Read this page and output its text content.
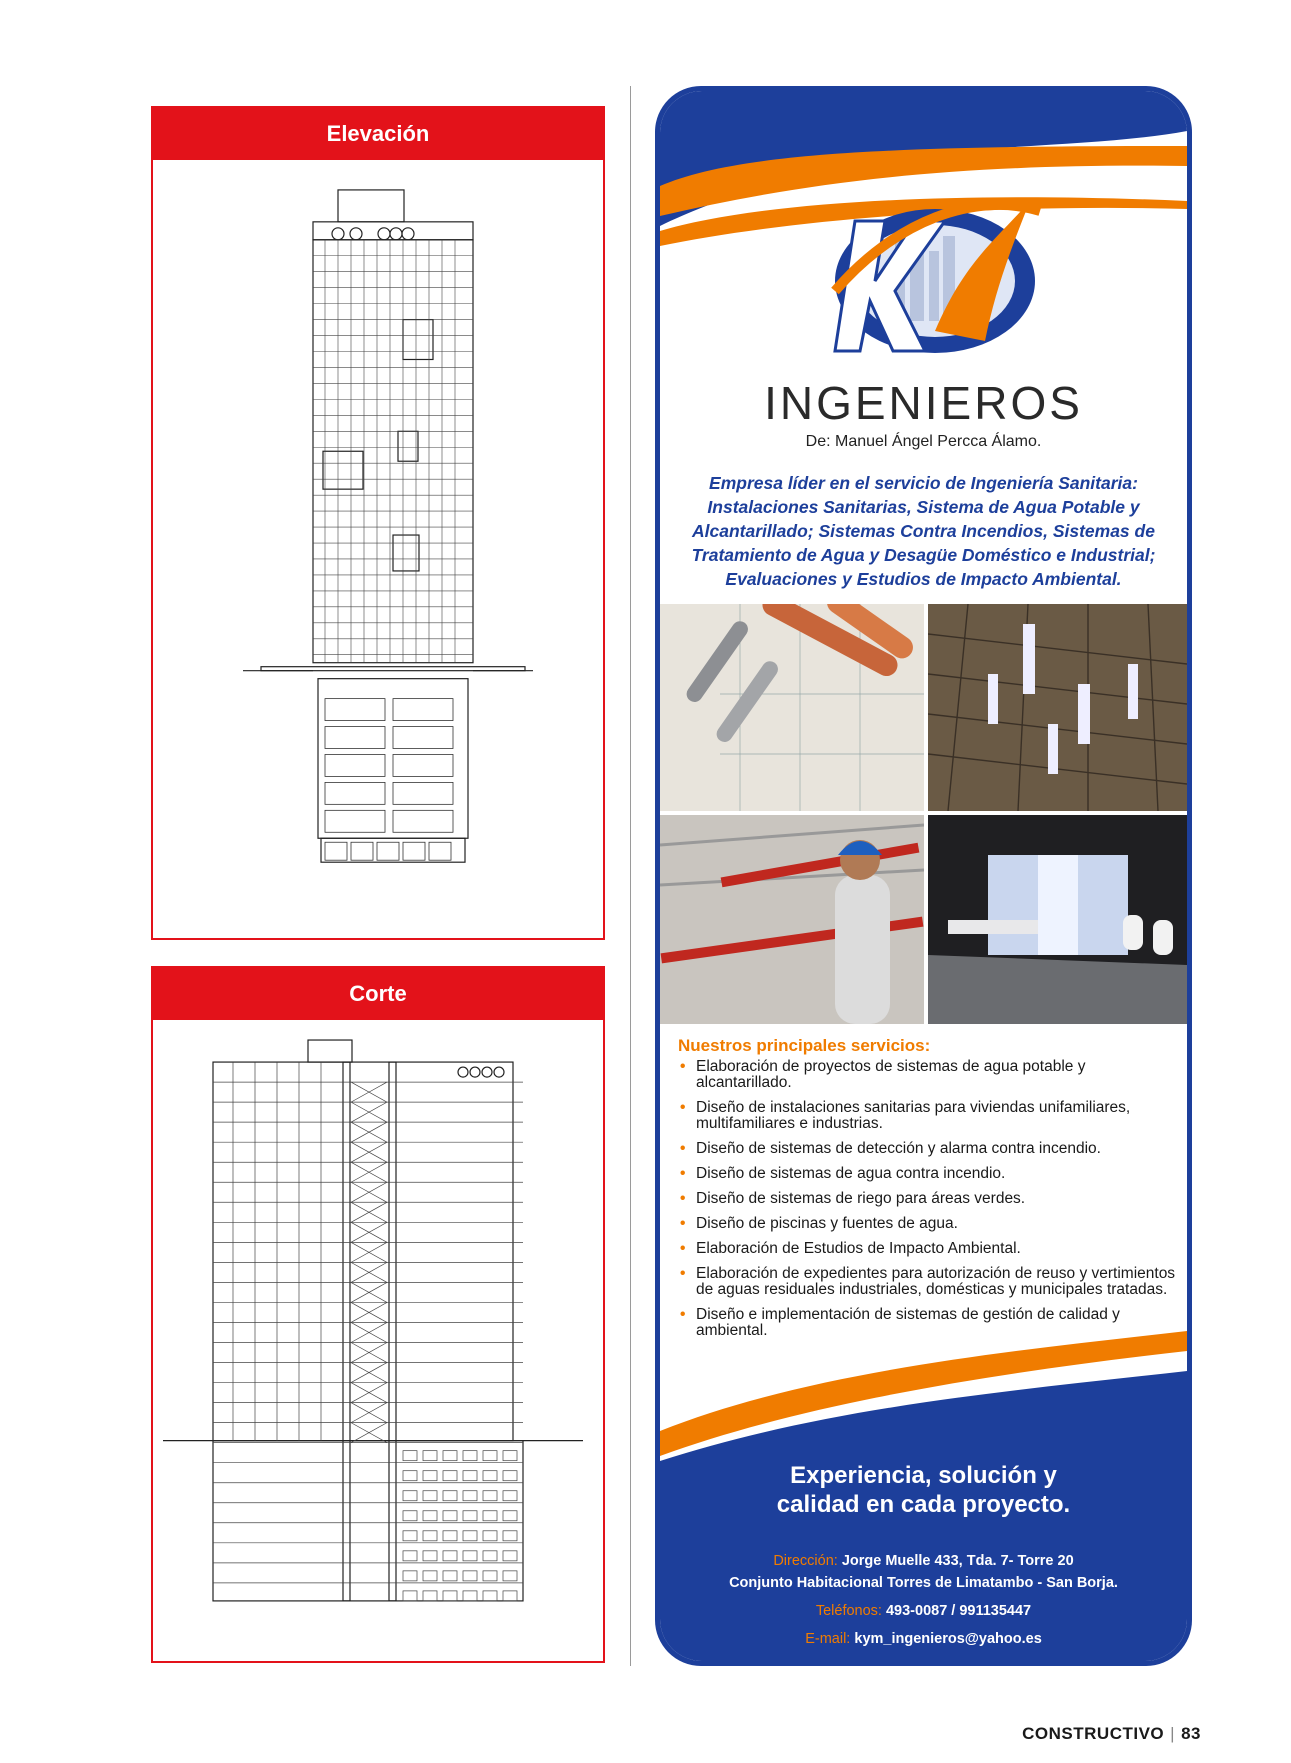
Elevación
Corte
INGENIEROS
De: Manuel Ángel Percca Álamo.
Empresa líder en el servicio de Ingeniería Sanitaria: Instalaciones Sanitarias, Sistema de Agua Potable y Alcantarillado; Sistemas Contra Incendios, Sistemas de Tratamiento de Agua y Desagüe Doméstico e Industrial; Evaluaciones y Estudios de Impacto Ambiental.
Nuestros principales servicios:
• Elaboración de proyectos de sistemas de agua potable y alcantarillado.
• Diseño de instalaciones sanitarias para viviendas unifamiliares, multifamiliares e industrias.
• Diseño de sistemas de detección y alarma contra incendio.
• Diseño de sistemas de agua contra incendio.
• Diseño de sistemas de riego para áreas verdes.
• Diseño de piscinas y fuentes de agua.
• Elaboración de Estudios de Impacto Ambiental.
• Elaboración de expedientes para autorización de reuso y vertimientos de aguas residuales industriales, domésticas y municipales tratadas.
• Diseño e implementación de sistemas de gestión de calidad y ambiental.
Experiencia, solución y
calidad en cada proyecto.
Dirección: Jorge Muelle 433, Tda. 7- Torre 20
Conjunto Habitacional Torres de Limatambo - San Borja.
Teléfonos: 493-0087 / 991135447
E-mail: kym_ingenieros@yahoo.es
CONSTRUCTIVO | 83
